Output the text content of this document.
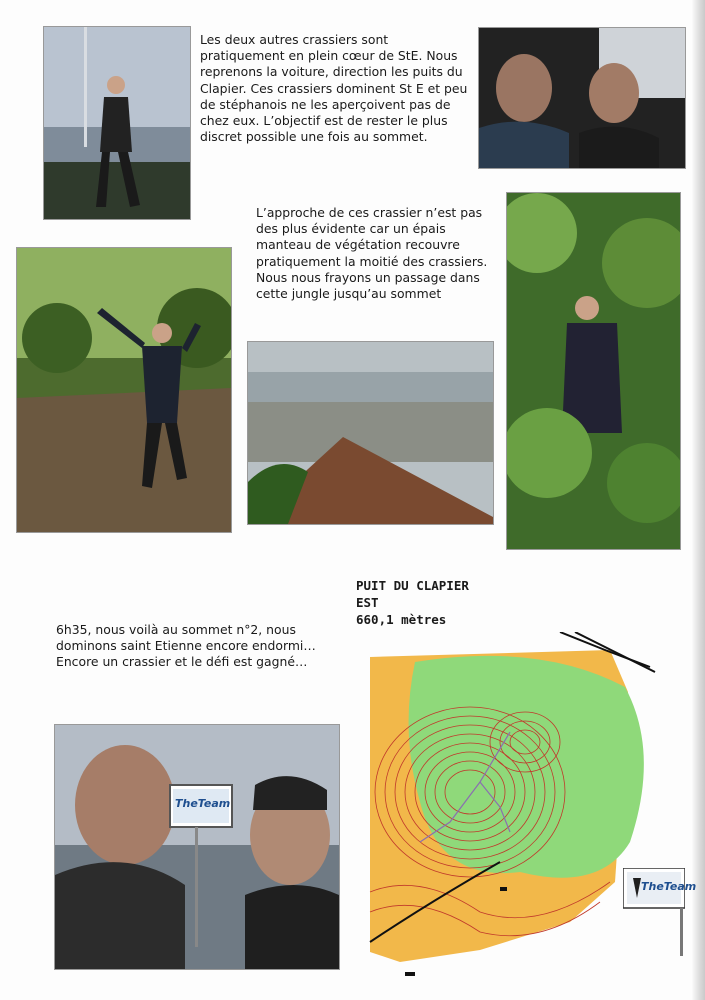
Les deux autres crassiers sont pratiquement en plein cœur de StE. Nous reprenons la voiture, direction les puits du Clapier. Ces crassiers dominent St E et peu de stéphanois ne les aperçoivent pas de chez eux. L’objectif est de rester le plus discret possible une fois au sommet.

L’approche de ces crassier n’est pas des plus évidente car un épais manteau de végétation recouvre pratiquement la moitié des crassiers. Nous nous frayons un passage dans cette jungle jusqu’au sommet

6h35, nous voilà au sommet n°2, nous dominons saint Etienne encore endormi… Encore un crassier et le défi est gagné…

PUIT DU CLAPIER
EST
660,1 mètres
TheTeam
TheTeam
